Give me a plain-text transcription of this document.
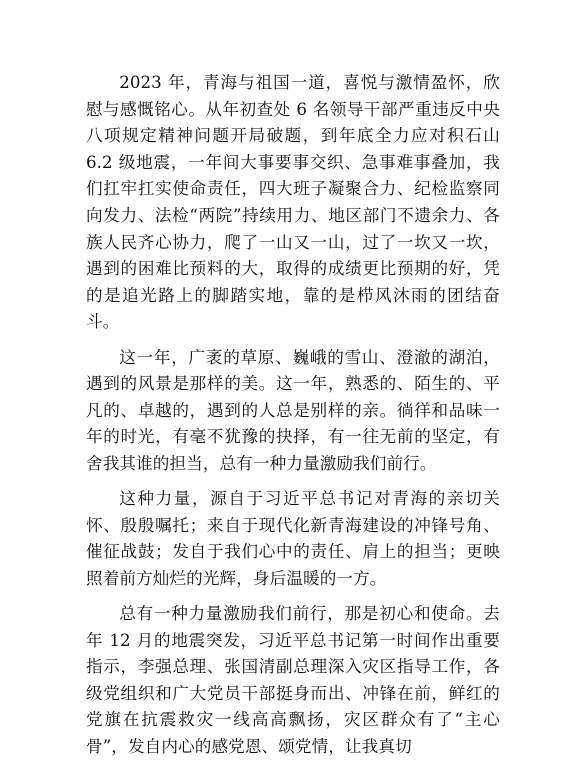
2023 年，青海与祖国一道，喜悦与激情盈怀，欣慰与感慨铭心。从年初查处 6 名领导干部严重违反中央八项规定精神问题开局破题，到年底全力应对积石山 6.2 级地震，一年间大事要事交织、急事难事叠加，我们扛牢扛实使命责任，四大班子凝聚合力、纪检监察同向发力、法检“两院”持续用力、地区部门不遗余力、各族人民齐心协力，爬了一山又一山，过了一坎又一坎，遇到的困难比预料的大，取得的成绩更比预期的好，凭的是追光路上的脚踏实地，靠的是栉风沐雨的团结奋斗。

这一年，广袤的草原、巍峨的雪山、澄澈的湖泊，遇到的风景是那样的美。这一年，熟悉的、陌生的、平凡的、卓越的，遇到的人总是别样的亲。徜徉和品味一年的时光，有毫不犹豫的抉择，有一往无前的坚定，有舍我其谁的担当，总有一种力量激励我们前行。

这种力量，源自于习近平总书记对青海的亲切关怀、殷殷嘱托；来自于现代化新青海建设的冲锋号角、催征战鼓；发自于我们心中的责任、肩上的担当；更映照着前方灿烂的光辉，身后温暖的一方。

总有一种力量激励我们前行，那是初心和使命。去年 12 月的地震突发，习近平总书记第一时间作出重要指示，李强总理、张国清副总理深入灾区指导工作，各级党组织和广大党员干部挺身而出、冲锋在前，鲜红的党旗在抗震救灾一线高高飘扬，灾区群众有了“主心骨”，发自内心的感党恩、颂党情，让我真切
